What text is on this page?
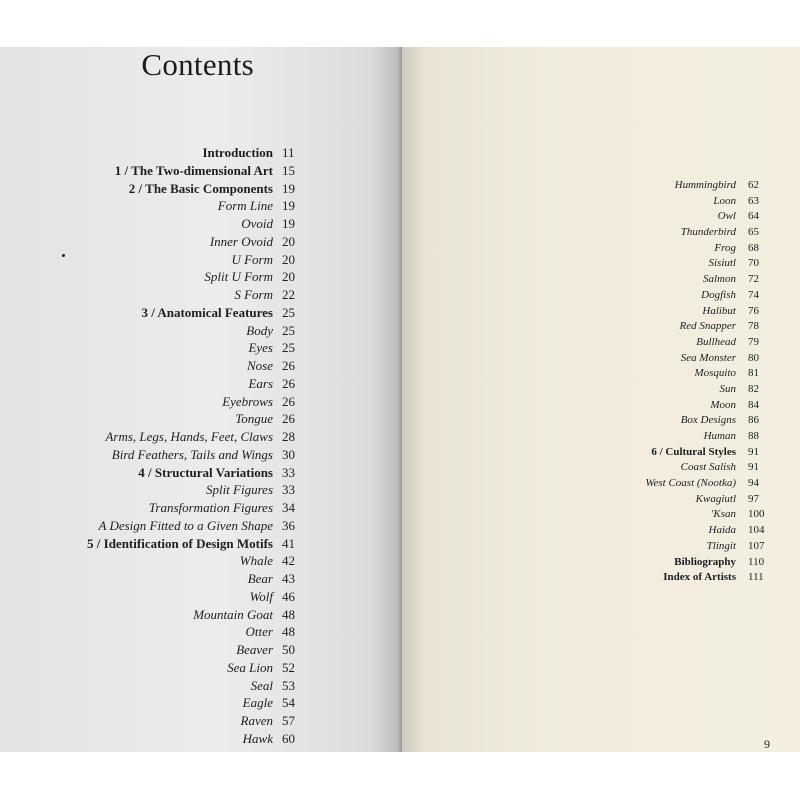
Contents
Introduction 11
1 / The Two-dimensional Art 15
2 / The Basic Components 19
Form Line 19
Ovoid 19
Inner Ovoid 20
U Form 20
Split U Form 20
S Form 22
3 / Anatomical Features 25
Body 25
Eyes 25
Nose 26
Ears 26
Eyebrows 26
Tongue 26
Arms, Legs, Hands, Feet, Claws 28
Bird Feathers, Tails and Wings 30
4 / Structural Variations 33
Split Figures 33
Transformation Figures 34
A Design Fitted to a Given Shape 36
5 / Identification of Design Motifs 41
Whale 42
Bear 43
Wolf 46
Mountain Goat 48
Otter 48
Beaver 50
Sea Lion 52
Seal 53
Eagle 54
Raven 57
Hawk 60
Hummingbird 62
Loon 63
Owl 64
Thunderbird 65
Frog 68
Sisiutl 70
Salmon 72
Dogfish 74
Halibut 76
Red Snapper 78
Bullhead 79
Sea Monster 80
Mosquito 81
Sun 82
Moon 84
Box Designs 86
Human 88
6 / Cultural Styles 91
Coast Salish 91
West Coast (Nootka) 94
Kwagiutl 97
'Ksan 100
Haida 104
Tlingit 107
Bibliography 110
Index of Artists 111
9
